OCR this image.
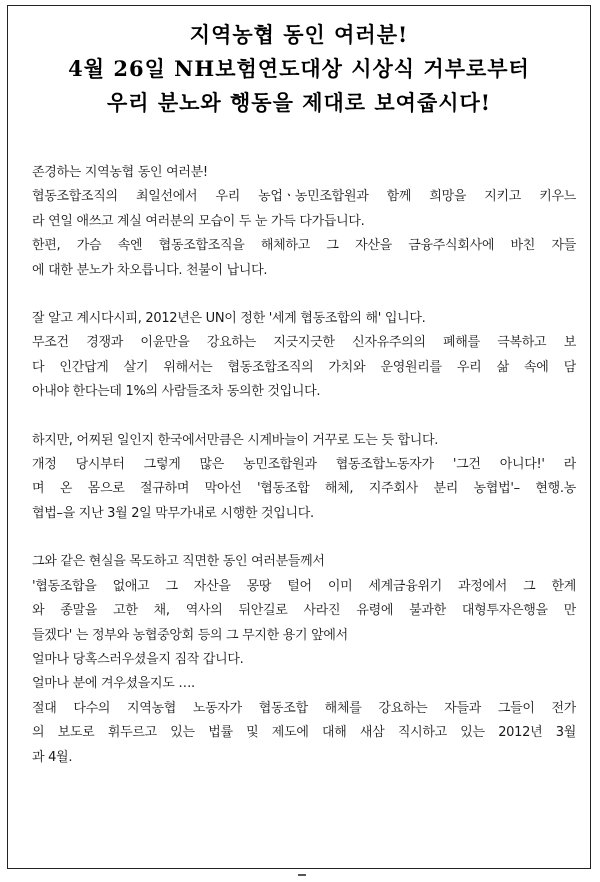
지역농협 동인 여러분!
4월 26일 NH보험연도대상 시상식 거부로부터
우리 분노와 행동을 제대로 보여줍시다!
존경하는 지역농협 동인 여러분!
협동조합조직의 최일선에서 우리 농업ㆍ농민조합원과 함께 희망을 지키고 키우느
라 연일 애쓰고 계실 여러분의 모습이 두 눈 가득 다가듭니다.
한편, 가슴 속엔 협동조합조직을 해체하고 그 자산을 금융주식회사에 바친 자들
에 대한 분노가 차오릅니다. 천불이 납니다.
잘 알고 계시다시피, 2012년은 UN이 정한 '세계 협동조합의 해' 입니다.
무조건 경쟁과 이윤만을 강요하는 지긋지긋한 신자유주의의 폐해를 극복하고 보
다 인간답게 살기 위해서는 협동조합조직의 가치와 운영원리를 우리 삶 속에 담
아내야 한다는데 1%의 사람들조차 동의한 것입니다.
하지만, 어찌된 일인지 한국에서만큼은 시계바늘이 거꾸로 도는 듯 합니다.
개정 당시부터 그렇게 많은 농민조합원과 협동조합노동자가 '그건 아니다!' 라
며 온 몸으로 절규하며 막아선 '협동조합 해체, 지주회사 분리 농협법'– 현행.농
협법–을 지난 3월 2일 막무가내로 시행한 것입니다.
그와 같은 현실을 목도하고 직면한 동인 여러분들께서
'협동조합을 없애고 그 자산을 몽땅 털어 이미 세계금융위기 과정에서 그 한계
와 종말을 고한 채, 역사의 뒤안길로 사라진 유령에 불과한 대형투자은행을 만
들겠다' 는 정부와 농협중앙회 등의 그 무지한 용기 앞에서
얼마나 당혹스러우셨을지 짐작 갑니다.
얼마나 분에 겨우셨을지도 ….
절대 다수의 지역농협 노동자가 협동조합 해체를 강요하는 자들과 그들이 전가
의 보도로 휘두르고 있는 법률 및 제도에 대해 새삼 직시하고 있는 2012년 3월
과 4월.
